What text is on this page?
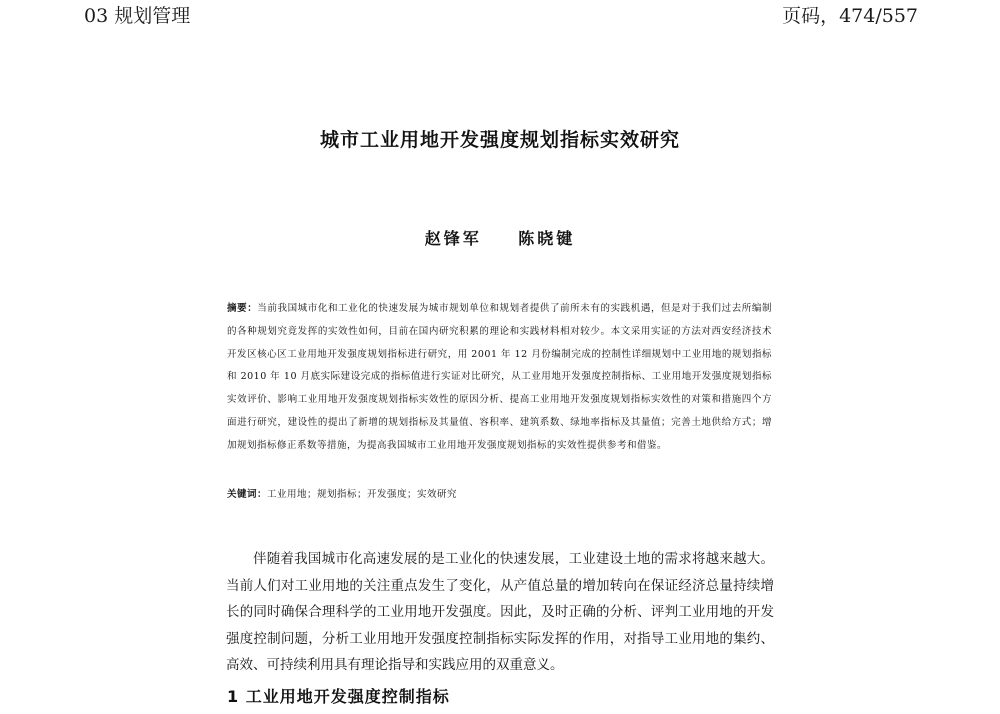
03 规划管理	页码，474/557
城市工业用地开发强度规划指标实效研究
赵锋军 陈晓键
摘要：当前我国城市化和工业化的快速发展为城市规划单位和规划者提供了前所未有的实践机遇，但是对于我们过去所编制的各种规划究竟发挥的实效性如何，目前在国内研究积累的理论和实践材料相对较少。本文采用实证的方法对西安经济技术开发区核心区工业用地开发强度规划指标进行研究，用 2001 年 12 月份编制完成的控制性详细规划中工业用地的规划指标和 2010 年 10 月底实际建设完成的指标值进行实证对比研究，从工业用地开发强度控制指标、工业用地开发强度规划指标实效评价、影响工业用地开发强度规划指标实效性的原因分析、提高工业用地开发强度规划指标实效性的对策和措施四个方面进行研究，建设性的提出了新增的规划指标及其量值、容积率、建筑系数、绿地率指标及其量值；完善土地供给方式；增加规划指标修正系数等措施，为提高我国城市工业用地开发强度规划指标的实效性提供参考和借鉴。
关键词：工业用地；规划指标；开发强度；实效研究
伴随着我国城市化高速发展的是工业化的快速发展，工业建设土地的需求将越来越大。当前人们对工业用地的关注重点发生了变化，从产值总量的增加转向在保证经济总量持续增长的同时确保合理科学的工业用地开发强度。因此，及时正确的分析、评判工业用地的开发强度控制问题，分析工业用地开发强度控制指标实际发挥的作用，对指导工业用地的集约、高效、可持续利用具有理论指导和实践应用的双重意义。
1 工业用地开发强度控制指标
